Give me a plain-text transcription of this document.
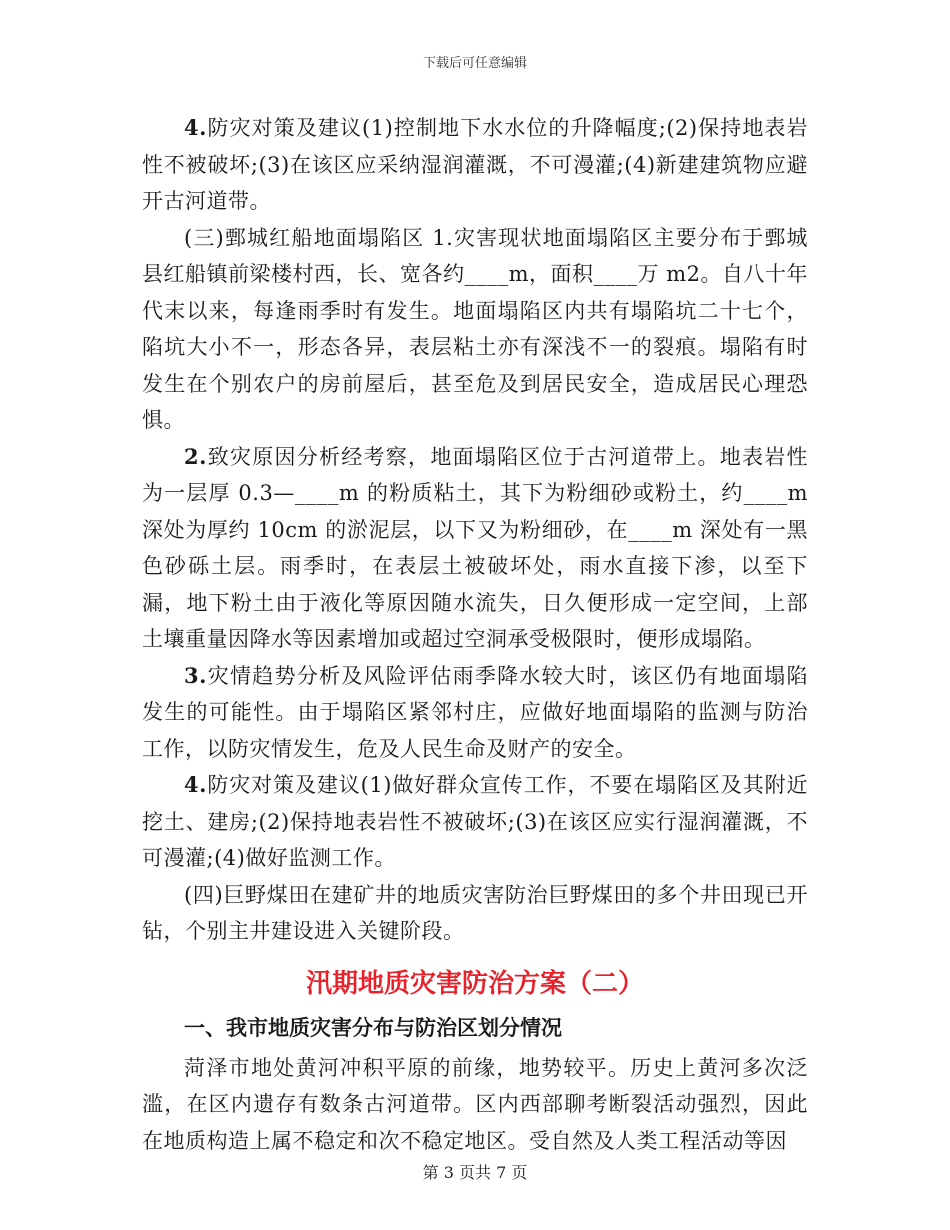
下载后可任意编辑

4.防灾对策及建议(1)控制地下水水位的升降幅度;(2)保持地表岩性不被破坏;(3)在该区应采纳湿润灌溉，不可漫灌;(4)新建建筑物应避开古河道带。

(三)鄄城红船地面塌陷区 1.灾害现状地面塌陷区主要分布于鄄城县红船镇前梁楼村西，长、宽各约____m，面积____万 m2。自八十年代末以来，每逢雨季时有发生。地面塌陷区内共有塌陷坑二十七个，陷坑大小不一，形态各异，表层粘土亦有深浅不一的裂痕。塌陷有时发生在个别农户的房前屋后，甚至危及到居民安全，造成居民心理恐惧。

2.致灾原因分析经考察，地面塌陷区位于古河道带上。地表岩性为一层厚 0.3—____m 的粉质粘土，其下为粉细砂或粉土，约____m 深处为厚约 10cm 的淤泥层，以下又为粉细砂，在____m 深处有一黑色砂砾土层。雨季时，在表层土被破坏处，雨水直接下渗，以至下漏，地下粉土由于液化等原因随水流失，日久便形成一定空间，上部土壤重量因降水等因素增加或超过空洞承受极限时，便形成塌陷。

3.灾情趋势分析及风险评估雨季降水较大时，该区仍有地面塌陷发生的可能性。由于塌陷区紧邻村庄，应做好地面塌陷的监测与防治工作，以防灾情发生，危及人民生命及财产的安全。

4.防灾对策及建议(1)做好群众宣传工作，不要在塌陷区及其附近挖土、建房;(2)保持地表岩性不被破坏;(3)在该区应实行湿润灌溉，不可漫灌;(4)做好监测工作。

(四)巨野煤田在建矿井的地质灾害防治巨野煤田的多个井田现已开钻，个别主井建设进入关键阶段。

汛期地质灾害防治方案（二）
一、我市地质灾害分布与防治区划分情况

菏泽市地处黄河冲积平原的前缘，地势较平。历史上黄河多次泛滥，在区内遗存有数条古河道带。区内西部聊考断裂活动强烈，因此在地质构造上属不稳定和次不稳定地区。受自然及人类工程活动等因

第 3 页共 7 页
